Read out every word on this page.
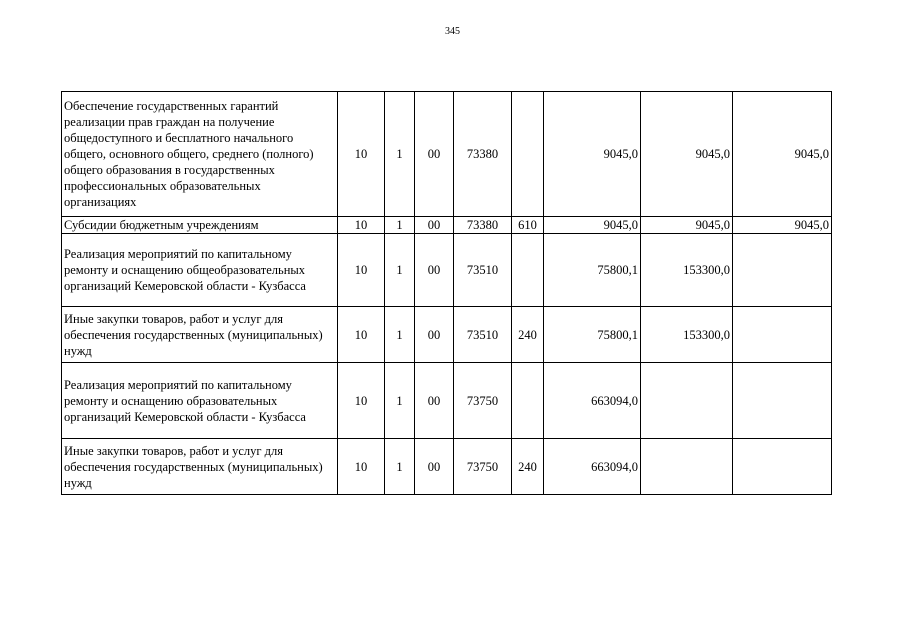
345
Обеспечение государственных гарантий реализации прав граждан на получение общедоступного и бесплатного начального общего, основного общего, среднего (полного) общего образования в государственных профессиональных образовательных организациях	10	1	00	73380		9045,0	9045,0	9045,0
Субсидии бюджетным учреждениям	10	1	00	73380	610	9045,0	9045,0	9045,0
Реализация мероприятий по капитальному ремонту и оснащению общеобразовательных организаций Кемеровской области - Кузбасса	10	1	00	73510		75800,1	153300,0	
Иные закупки товаров, работ и услуг для обеспечения государственных (муниципальных) нужд	10	1	00	73510	240	75800,1	153300,0	
Реализация мероприятий по капитальному ремонту и оснащению образовательных организаций Кемеровской области - Кузбасса	10	1	00	73750		663094,0		
Иные закупки товаров, работ и услуг для обеспечения государственных (муниципальных) нужд	10	1	00	73750	240	663094,0		
